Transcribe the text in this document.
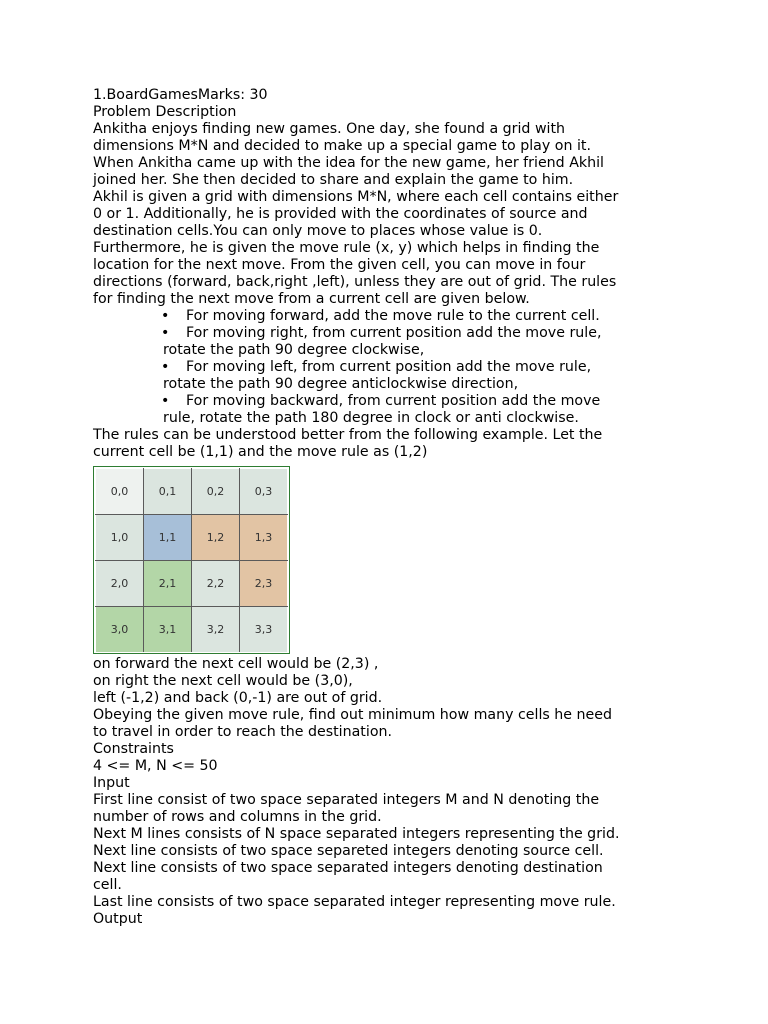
1.BoardGamesMarks: 30
Problem Description
Ankitha enjoys finding new games. One day, she found a grid with
dimensions M*N and decided to make up a special game to play on it.
When Ankitha came up with the idea for the new game, her friend Akhil
joined her. She then decided to share and explain the game to him.
Akhil is given a grid with dimensions M*N, where each cell contains either
0 or 1. Additionally, he is provided with the coordinates of source and
destination cells.You can only move to places whose value is 0.
Furthermore, he is given the move rule (x, y) which helps in finding the
location for the next move. From the given cell, you can move in four
directions (forward, back,right ,left), unless they are out of grid. The rules
for finding the next move from a current cell are given below.
• For moving forward, add the move rule to the current cell.
• For moving right, from current position add the move rule,
rotate the path 90 degree clockwise,
• For moving left, from current position add the move rule,
rotate the path 90 degree anticlockwise direction,
• For moving backward, from current position add the move
rule, rotate the path 180 degree in clock or anti clockwise.
The rules can be understood better from the following example. Let the
current cell be (1,1) and the move rule as (1,2)
0,0	0,1	0,2	0,3
1,0	1,1	1,2	1,3
2,0	2,1	2,2	2,3
3,0	3,1	3,2	3,3
on forward the next cell would be (2,3) ,
on right the next cell would be (3,0),
left (-1,2) and back (0,-1) are out of grid.
Obeying the given move rule, find out minimum how many cells he need
to travel in order to reach the destination.
Constraints
4 <= M, N <= 50
Input
First line consist of two space separated integers M and N denoting the
number of rows and columns in the grid.
Next M lines consists of N space separated integers representing the grid.
Next line consists of two space separeted integers denoting source cell.
Next line consists of two space separated integers denoting destination
cell.
Last line consists of two space separated integer representing move rule.
Output
